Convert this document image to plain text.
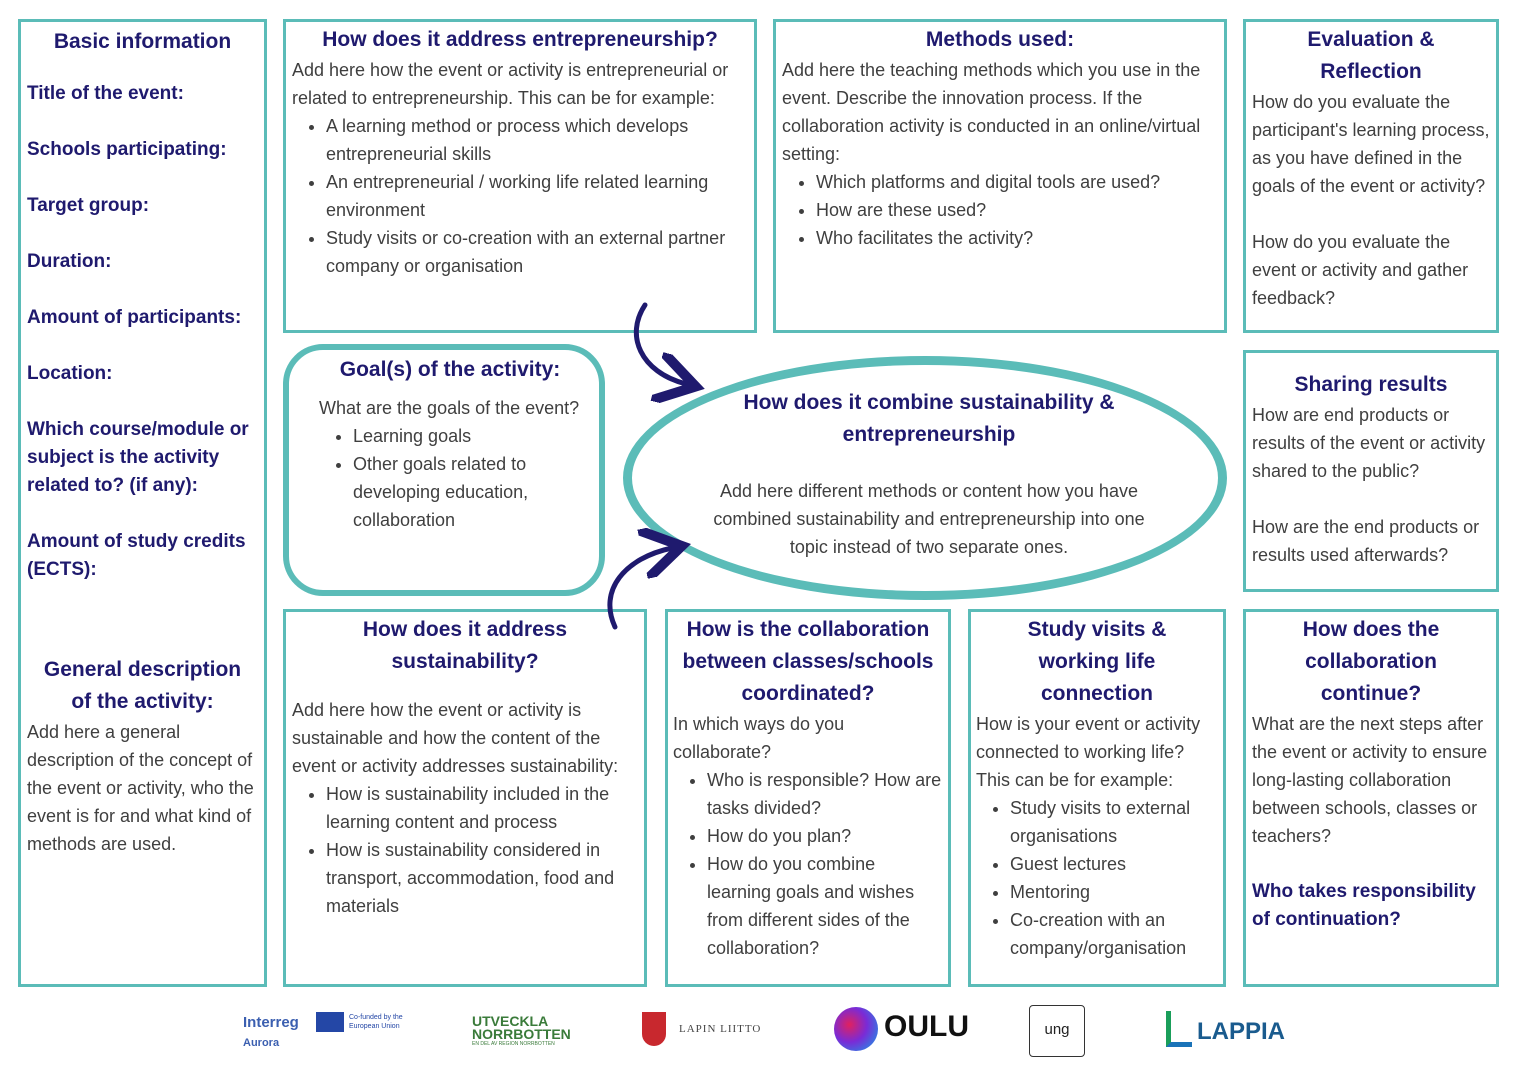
Basic information
Title of the event:
Schools participating:
Target group:
Duration:
Amount of participants:
Location:
Which course/module or subject is the activity related to? (if any):
Amount of study credits (ECTS):
General description of the activity:
Add here a general description of the concept of the event or activity, who the event is for and what kind of methods are used.
How does it address entrepreneurship?
Add here how the event or activity is entrepreneurial or related to entrepreneurship. This can be for example:
• A learning method or process which develops entrepreneurial skills
• An entrepreneurial / working life related learning environment
• Study visits or co-creation with an external partner company or organisation
Methods used:
Add here the teaching methods which you use in the event. Describe the innovation process. If the collaboration activity is conducted in an online/virtual setting:
• Which platforms and digital tools are used?
• How are these used?
• Who facilitates the activity?
Evaluation & Reflection
How do you evaluate the participant's learning process, as you have defined in the goals of the event or activity?
How do you evaluate the event or activity and gather feedback?
Goal(s) of the activity:
What are the goals of the event?
• Learning goals
• Other goals related to developing education, collaboration
How does it combine sustainability & entrepreneurship
Add here different methods or content how you have combined sustainability and entrepreneurship into one topic instead of two separate ones.
Sharing results
How are end products or results of the event or activity shared to the public?
How are the end products or results used afterwards?
How does it address sustainability?
Add here how the event or activity is sustainable and how the content of the event or activity addresses sustainability:
• How is sustainability included in the learning content and process
• How is sustainability considered in transport, accommodation, food and materials
How is the collaboration between classes/schools coordinated?
In which ways do you collaborate?
• Who is responsible? How are tasks divided?
• How do you plan?
• How do you combine learning goals and wishes from different sides of the collaboration?
Study visits & working life connection
How is your event or activity connected to working life? This can be for example:
• Study visits to external organisations
• Guest lectures
• Mentoring
• Co-creation with an company/organisation
How does the collaboration continue?
What are the next steps after the event or activity to ensure long-lasting collaboration between schools, classes or teachers?
Who takes responsibility of continuation?
Interreg
Aurora
Co-funded by the European Union	UTVECKLA
NORRBOTTEN
EN DEL AV REGION NORRBOTTEN
LAPIN LIITTO	OULU	ung	LAPPIA
